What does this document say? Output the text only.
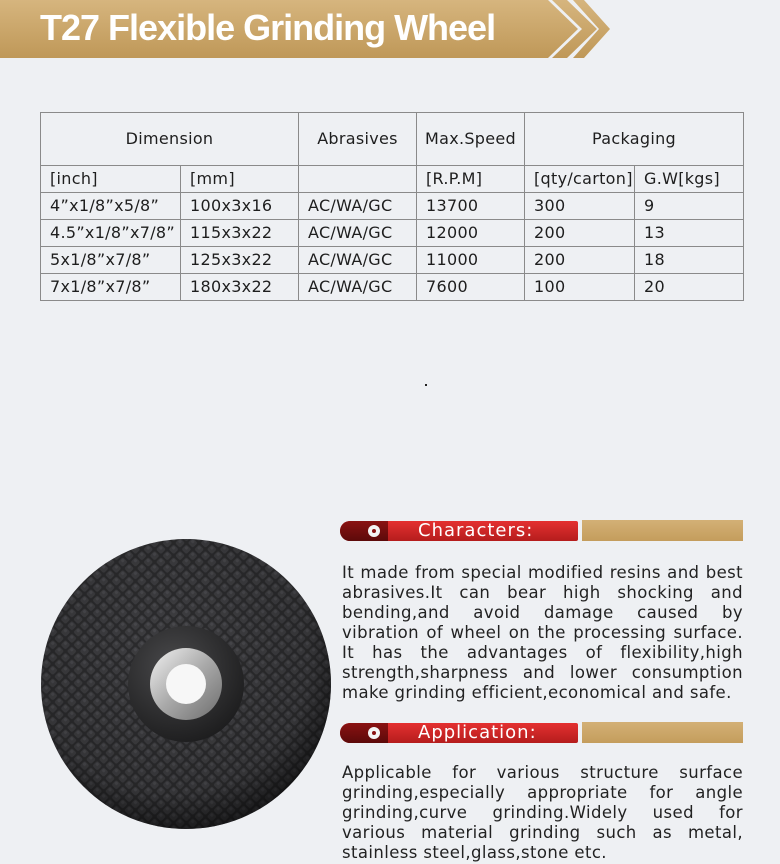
T27 Flexible Grinding Wheel
Dimension		Abrasives	Max.Speed	Packaging	
[inch]	[mm]		[R.P.M]	[qty/carton]	G.W[kgs]
4”x1/8”x5/8”	100x3x16	AC/WA/GC	13700	300	9
4.5”x1/8”x7/8”	115x3x22	AC/WA/GC	12000	200	13
5x1/8”x7/8”	125x3x22	AC/WA/GC	11000	200	18
7x1/8”x7/8”	180x3x22	AC/WA/GC	7600	100	20
Characters:
It made from special modified resins and best abrasives.It can bear high shocking and bending,and avoid damage caused by vibration of wheel on the processing surface. It has the advantages of flexibility,high strength,sharpness and lower consumption make grinding efficient,economical and safe.
Application:
Applicable for various structure surface grinding,especially appropriate for angle grinding,curve grinding.Widely used for various material grinding such as metal, stainless steel,glass,stone etc.
